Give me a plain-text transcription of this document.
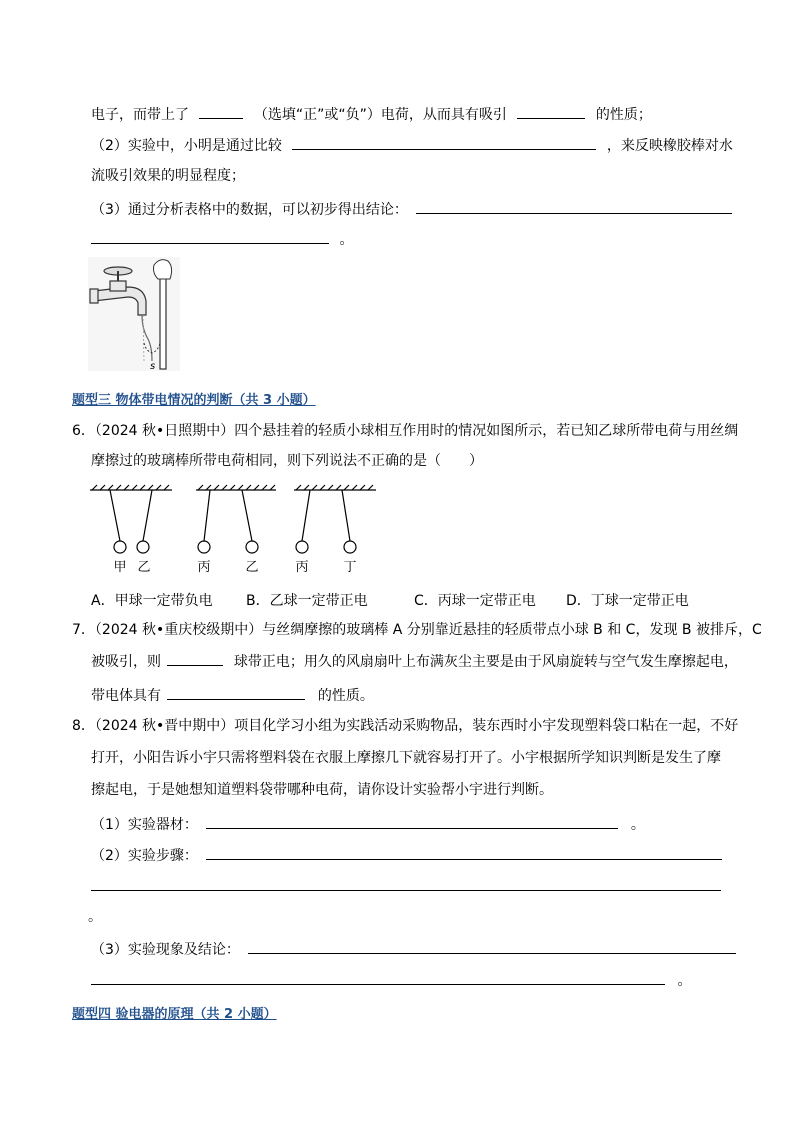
电子，而带上了	（选填“正”或“负”）电荷，从而具有吸引	的性质；
（2）实验中，小明是通过比较	，来反映橡胶棒对水
流吸引效果的明显程度；
（3）通过分析表格中的数据，可以初步得出结论：
。
s
题型三 物体带电情况的判断（共 3 小题）
6．（2024 秋•日照期中）四个悬挂着的轻质小球相互作用时的情况如图所示，若已知乙球所带电荷与用丝绸
摩擦过的玻璃棒所带电荷相同，则下列说法不正确的是（　　）
甲 乙	丙	乙	丙	丁
A．甲球一定带负电 B．乙球一定带正电	C．丙球一定带正电 D．丁球一定带正电
7．（2024 秋•重庆校级期中）与丝绸摩擦的玻璃棒 A 分别靠近悬挂的轻质带点小球 B 和 C，发现 B 被排斥，C
被吸引，则	球带正电；用久的风扇扇叶上布满灰尘主要是由于风扇旋转与空气发生摩擦起电，
带电体具有	的性质。
8．（2024 秋•晋中期中）项目化学习小组为实践活动采购物品，装东西时小宇发现塑料袋口粘在一起，不好
打开，小阳告诉小宇只需将塑料袋在衣服上摩擦几下就容易打开了。小宇根据所学知识判断是发生了摩
擦起电，于是她想知道塑料袋带哪种电荷，请你设计实验帮小宇进行判断。
（1）实验器材：	。
（2）实验步骤：
。
（3）实验现象及结论：
。
题型四 验电器的原理（共 2 小题）
